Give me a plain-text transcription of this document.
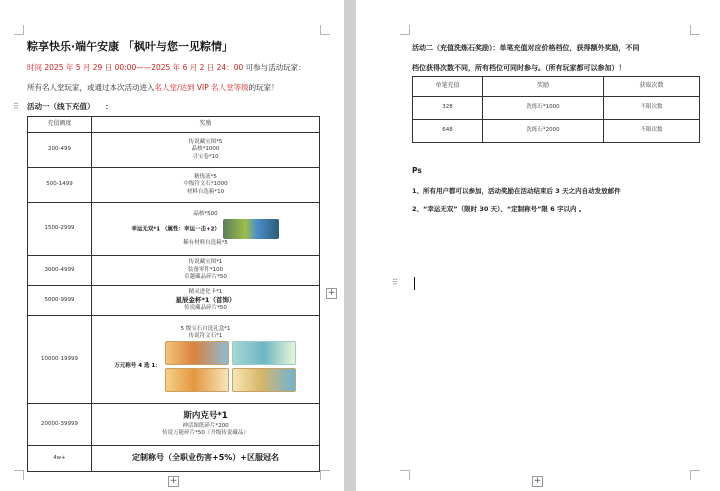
粽享快乐·端午安康 「枫叶与您一见粽情」
时间 2025 年 5 月 29 日 00:00——2025 年 6 月 2 日 24：00 可参与活动玩家：
所有名人堂玩家，或通过本次活动进入名人堂/达到 VIP 名人堂等级的玩家！
⠿ 活动一（线下充值） ：
充值额度	奖励
200-499	传说藏宝图*5
晶核*1000
寻宝卷*10

500-1499	精炼液*5
中级符文石*1000
材料自选箱*10

1500-2999	晶核*500
幸运无双*1 （属性：幸运一击+2）
稀有材料自选箱*5

3000-4999	传说藏宝图*1
装备零件*100
卓越藏品碎片*50

5000-9999	精灵进化卡*1
星辰金杯*1（首饰）
传说藏品碎片*50

10000-19999	5 级宝石自选礼盒*1
传说符文石*1
万元称号 4 选 1：

20000-39999	斯内克号*1
神话图纸碎片*200
传说万能碎片*50（升级传说藏品）

4w+	定制称号（全职业伤害+5%）+区服冠名
+
+
活动二（充值洗炼石奖励）：单笔充值对应价格档位，获得额外奖励，不同
档位获得次数不同，所有档位可同时参与。（所有玩家都可以参加）！
单笔充值	奖励	获取次数
328	洗练石*1000	不限次数
648	洗练石*2000	不限次数
Ps
1、所有用户都可以参加，活动奖励在活动结束后 3 天之内自动发放邮件
2、“幸运无双”（限时 30 天）、“定制称号”限 6 字以内 。
⠿
+
